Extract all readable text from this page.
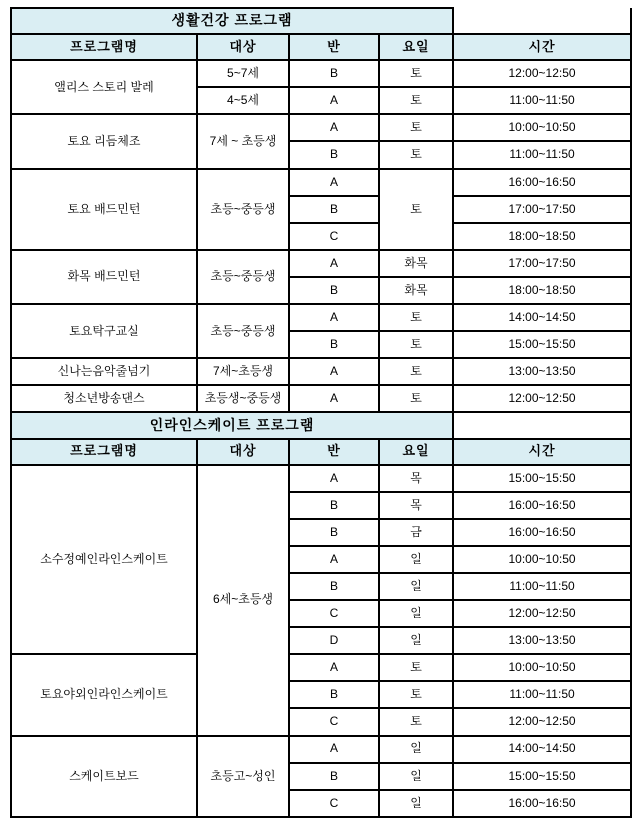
생활건강 프로그램				
프로그램명	대상	반	요일	시간
앨리스 스토리 발레	5~7세	B	토	12:00~12:50
	4~5세	A	토	11:00~11:50
토요 리듬체조	7세 ~ 초등생	A	토	10:00~10:50
		B	토	11:00~11:50
토요 배드민턴	초등~중등생	A	토	16:00~16:50
		B		17:00~17:50
		C		18:00~18:50
화목 배드민턴	초등~중등생	A	화목	17:00~17:50
		B	화목	18:00~18:50
토요탁구교실	초등~중등생	A	토	14:00~14:50
		B	토	15:00~15:50
신나는음악줄넘기	7세~초등생	A	토	13:00~13:50
청소년방송댄스	초등생~중등생	A	토	12:00~12:50
인라인스케이트 프로그램				
프로그램명	대상	반	요일	시간
소수정예인라인스케이트	6세~초등생	A	목	15:00~15:50
		B	목	16:00~16:50
		B	금	16:00~16:50
		A	일	10:00~10:50
		B	일	11:00~11:50
		C	일	12:00~12:50
		D	일	13:00~13:50
토요야외인라인스케이트		A	토	10:00~10:50
		B	토	11:00~11:50
		C	토	12:00~12:50
스케이트보드	초등고~성인	A	일	14:00~14:50
		B	일	15:00~15:50
		C	일	16:00~16:50
